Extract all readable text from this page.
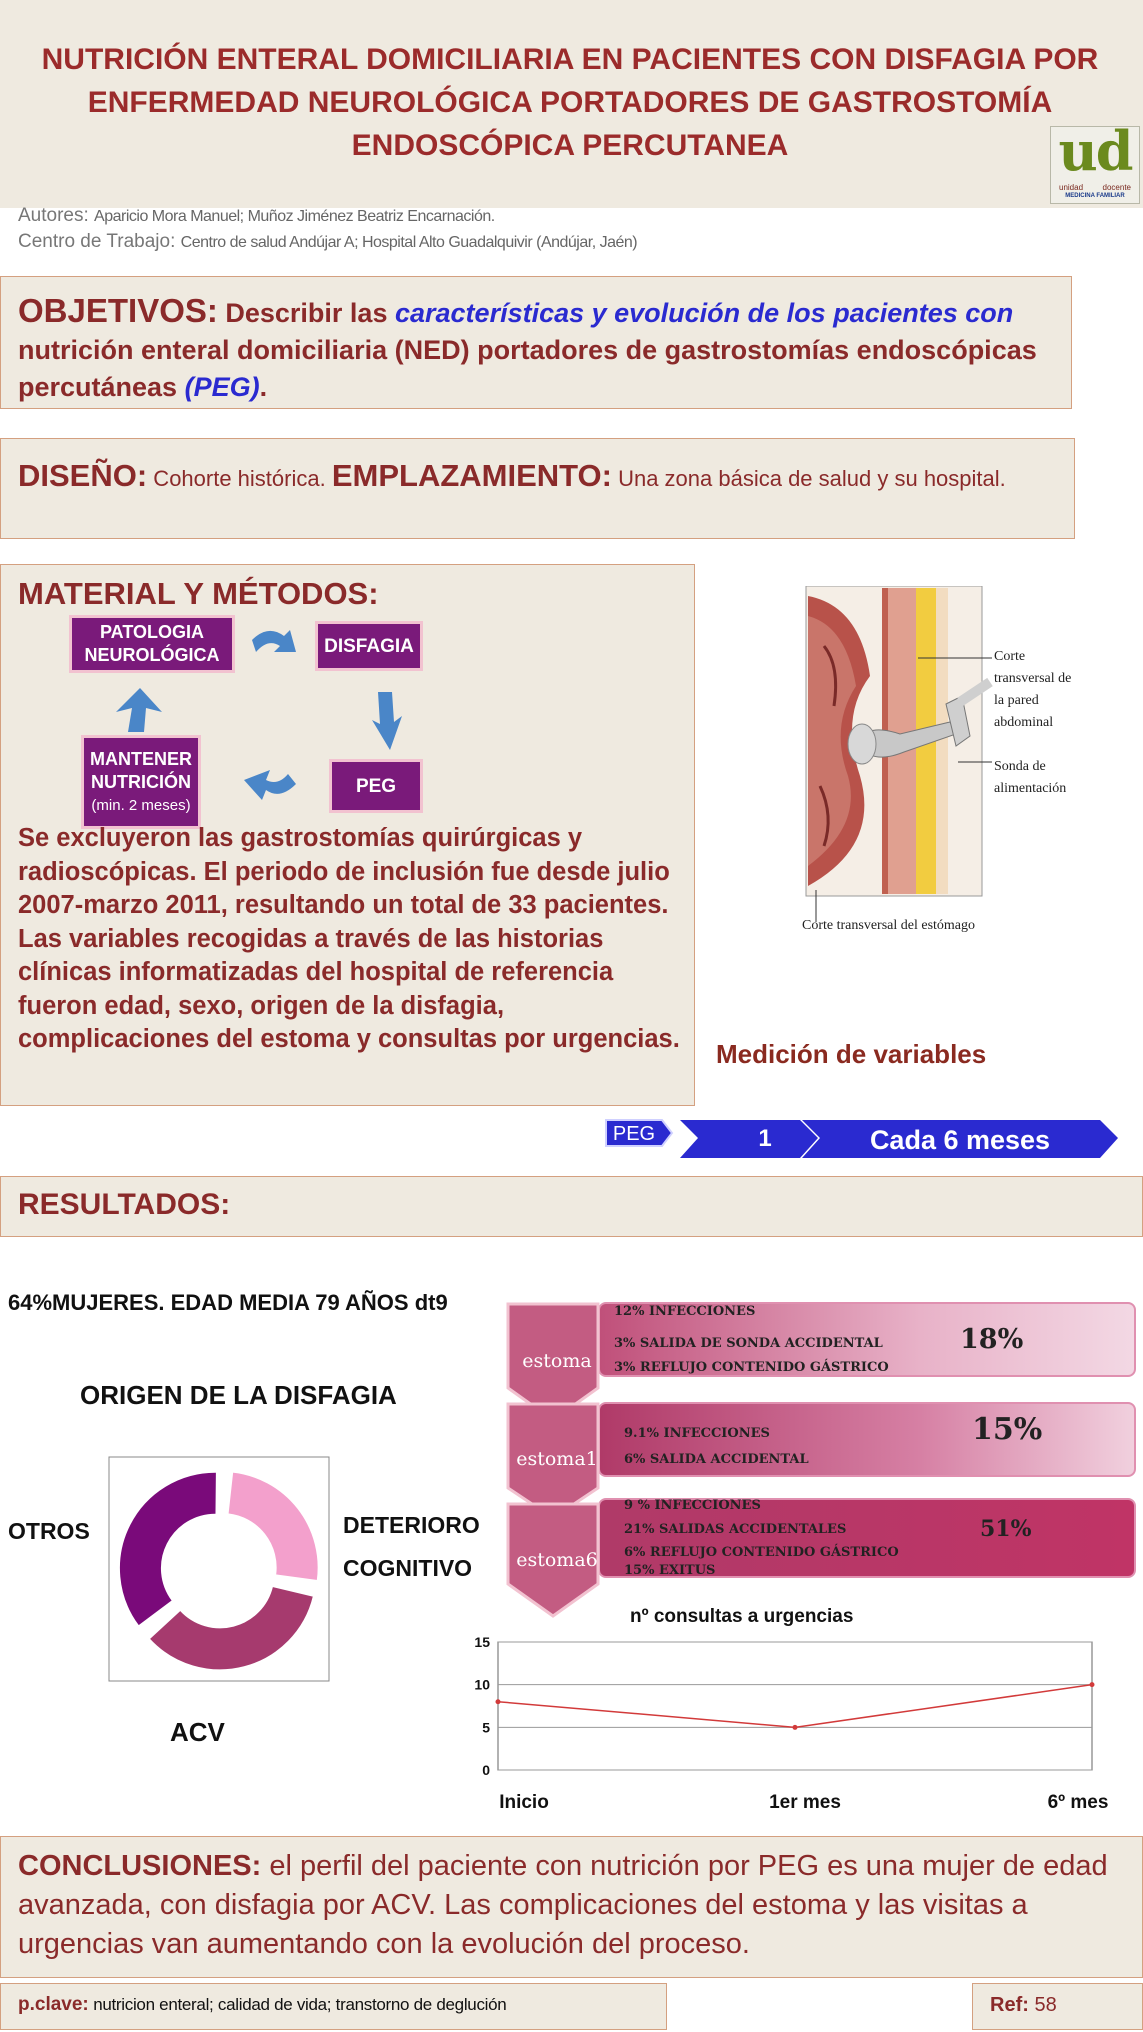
NUTRICIÓN ENTERAL DOMICILIARIA EN PACIENTES CON DISFAGIA POR
ENFERMEDAD NEUROLÓGICA PORTADORES DE GASTROSTOMÍA
ENDOSCÓPICA PERCUTANEA	ud
unidad docente
MEDICINA FAMILIAR
Autores: Aparicio Mora Manuel; Muñoz Jiménez Beatriz Encarnación.
Centro de Trabajo: Centro de salud Andújar A; Hospital Alto Guadalquivir (Andújar, Jaén)
OBJETIVOS: Describir las características y evolución de los pacientes con nutrición enteral domiciliaria (NED) portadores de gastrostomías endoscópicas percutáneas (PEG).
DISEÑO: Cohorte histórica. EMPLAZAMIENTO: Una zona básica de salud y su hospital.
MATERIAL Y MÉTODOS:
PATOLOGIA NEUROLÓGICA	DISFAGIA
PEG
MANTENER NUTRICIÓN
(min. 2 meses)
Se excluyeron las gastrostomías quirúrgicas y radioscópicas. El periodo de inclusión fue desde julio 2007-marzo 2011, resultando un total de 33 pacientes. Las variables recogidas a través de las historias clínicas informatizadas del hospital de referencia fueron edad, sexo, origen de la disfagia, complicaciones del estoma y consultas por urgencias.
Corte transversal de la pared abdominal
Sonda de alimentación
Corte transversal del estómago
Medición de variables
PEG	1	Cada 6 meses
RESULTADOS:
64%MUJERES. EDAD MEDIA 79 AÑOS dt9
ORIGEN DE LA DISFAGIA
OTROS	DETERIORO
COGNITIVO
ACV
estoma
estoma1
estoma6
12% INFECCIONES
3% SALIDA DE SONDA ACCIDENTAL
3% REFLUJO CONTENIDO GÁSTRICO
18%
9.1% INFECCIONES
6% SALIDA ACCIDENTAL
15%
9 % INFECCIONES
21% SALIDAS ACCIDENTALES
6% REFLUJO CONTENIDO GÁSTRICO
15% EXITUS
51%
nº consultas a urgencias
0
5
10
15
Inicio	1er mes	6º mes
CONCLUSIONES: el perfil del paciente con nutrición por PEG es una mujer de edad avanzada, con disfagia por ACV. Las complicaciones del estoma y las visitas a urgencias van aumentando con la evolución del proceso.
p.clave: nutricion enteral; calidad de vida; transtorno de deglución	Ref: 58
